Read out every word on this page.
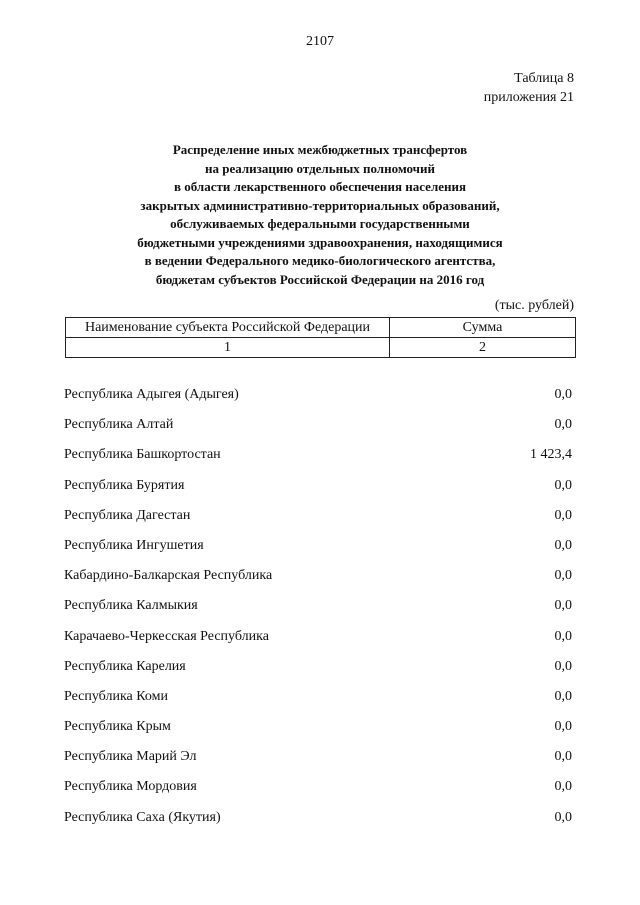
2107
Таблица 8
приложения 21
Распределение иных межбюджетных трансфертов
на реализацию отдельных полномочий
в области лекарственного обеспечения населения
закрытых административно-территориальных образований,
обслуживаемых федеральными государственными
бюджетными учреждениями здравоохранения, находящимися
в ведении Федерального медико-биологического агентства,
бюджетам субъектов Российской Федерации на 2016 год
(тыс. рублей)
Наименование субъекта Российской Федерации	Сумма
1	2
Республика Адыгея (Адыгея)	0,0
Республика Алтай	0,0
Республика Башкортостан	1 423,4
Республика Бурятия	0,0
Республика Дагестан	0,0
Республика Ингушетия	0,0
Кабардино-Балкарская Республика	0,0
Республика Калмыкия	0,0
Карачаево-Черкесская Республика	0,0
Республика Карелия	0,0
Республика Коми	0,0
Республика Крым	0,0
Республика Марий Эл	0,0
Республика Мордовия	0,0
Республика Саха (Якутия)	0,0
